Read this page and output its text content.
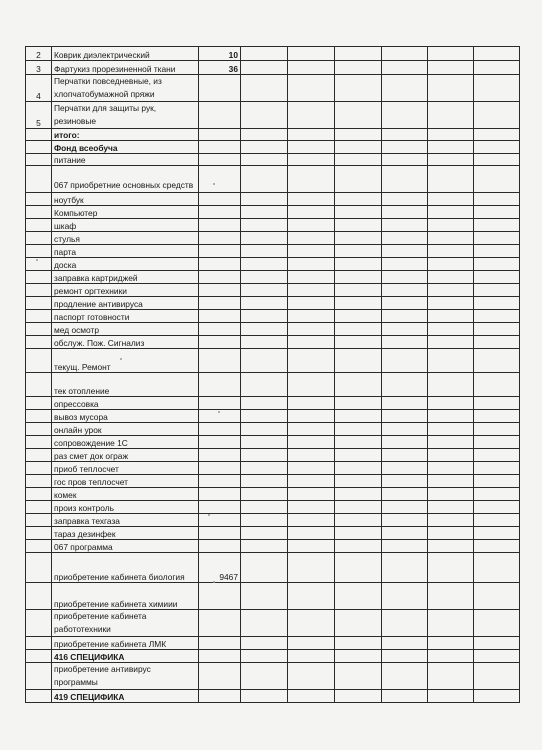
2	Коврик диэлектрический	10						
3	Фартукиз прорезиненной ткани	36						
4	Перчатки повседневные, из хлопчатобумажной пряжи							
5	Перчатки для защиты рук, резиновые							
	итого:							
	Фонд всеобуча							
	питание							
	067 приобретние основных средств							
	ноутбук							
	Компьютер							
	шкаф							
	стулья							
	парта							
	доска							
	заправка картриджей							
	ремонт оргтехники							
	продление антивируса							
	паспорт готовности							
	мед осмотр							
	обслуж. Пож. Сигнализ							
	текущ. Ремонт							
	тек отопление							
	опрессовка							
	вывоз мусора							
	онлайн урок							
	сопровождение 1С							
	раз смет док ограж							
	приоб теплосчет							
	гос пров теплосчет							
	комек							
	произ контроль							
	заправка техгаза							
	тараз дезинфек							
	067 программа							
	приобретение кабинета биология	9467						
	приобретение кабинета химиии							
	приобретение кабинета работотехники							
	приобретение кабинета ЛМК							
	416 СПЕЦИФИКА							
	приобретение антивирус программы							
	419 СПЕЦИФИКА							
